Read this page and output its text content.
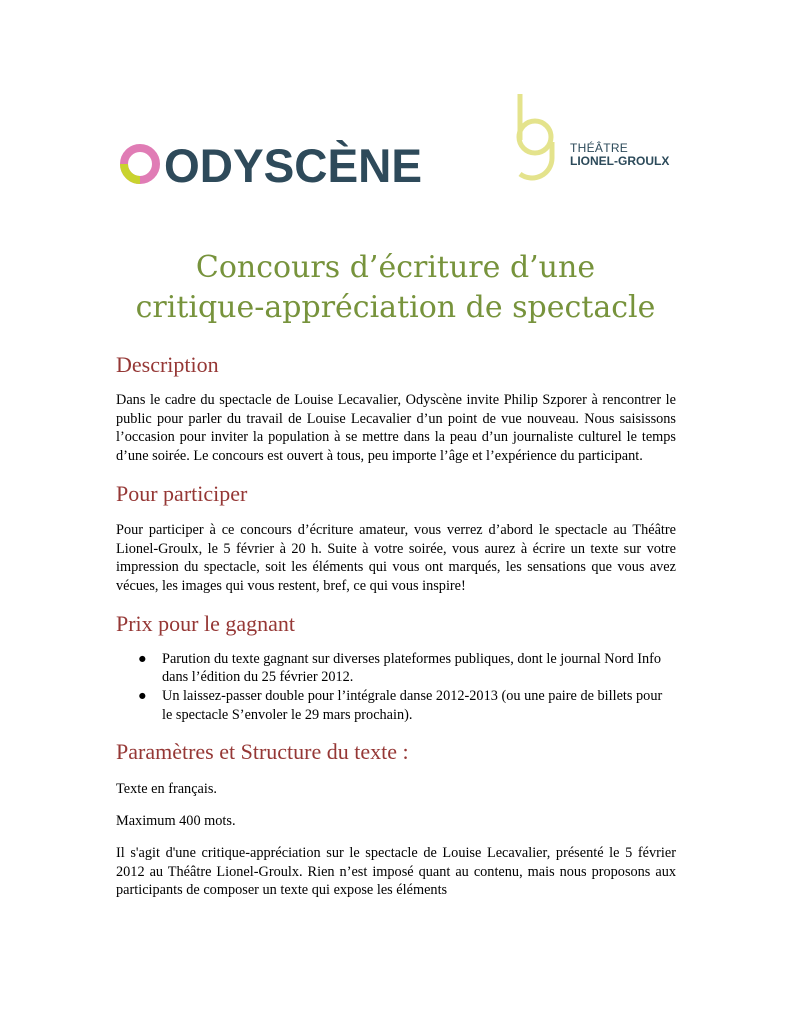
ODYSCÈNE	THÉÂTRE
LIONEL-GROULX
Concours d’écriture d’une
critique-appréciation de spectacle
Description

Dans le cadre du spectacle de Louise Lecavalier, Odyscène invite Philip Szporer à rencontrer le public pour parler du travail de Louise Lecavalier d’un point de vue nouveau. Nous saisissons l’occasion pour inviter la population à se mettre dans la peau d’un journaliste culturel le temps d’une soirée. Le concours est ouvert à tous, peu importe l’âge et l’expérience du participant.

Pour participer

Pour participer à ce concours d’écriture amateur, vous verrez d’abord le spectacle au Théâtre Lionel-Groulx, le 5 février à 20 h. Suite à votre soirée, vous aurez à écrire un texte sur votre impression du spectacle, soit les éléments qui vous ont marqués, les sensations que vous avez vécues, les images qui vous restent, bref, ce qui vous inspire!

Prix pour le gagnant
● Parution du texte gagnant sur diverses plateformes publiques, dont le journal Nord Info dans l’édition du 25 février 2012.
● Un laissez-passer double pour l’intégrale danse 2012-2013 (ou une paire de billets pour le spectacle S’envoler le 29 mars prochain).
Paramètres et Structure du texte :

Texte en français.

Maximum 400 mots.

Il s'agit d'une critique-appréciation sur le spectacle de Louise Lecavalier, présenté le 5 février 2012 au Théâtre Lionel-Groulx. Rien n’est imposé quant au contenu, mais nous proposons aux participants de composer un texte qui expose les éléments
